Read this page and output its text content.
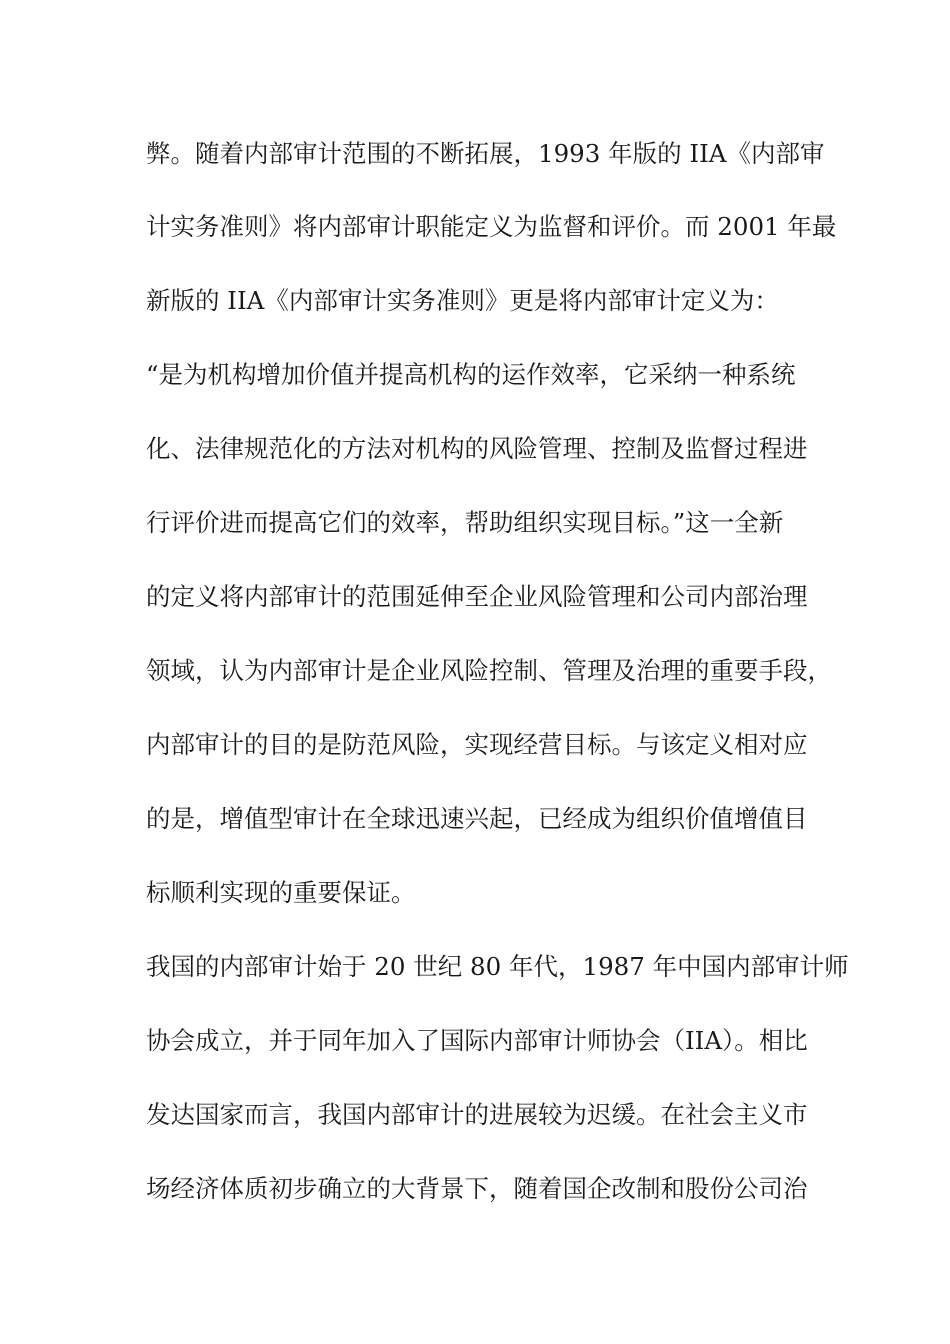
弊。随着内部审计范围的不断拓展，1993 年版的 IIA《内部审
计实务准则》将内部审计职能定义为监督和评价。而 2001 年最
新版的 IIA《内部审计实务准则》更是将内部审计定义为：
“是为机构增加价值并提高机构的运作效率，它采纳一种系统
化、法律规范化的方法对机构的风险管理、控制及监督过程进
行评价进而提高它们的效率，帮助组织实现目标。”这一全新
的定义将内部审计的范围延伸至企业风险管理和公司内部治理
领域，认为内部审计是企业风险控制、管理及治理的重要手段，
内部审计的目的是防范风险，实现经营目标。与该定义相对应
的是，增值型审计在全球迅速兴起，已经成为组织价值增值目
标顺利实现的重要保证。
我国的内部审计始于 20 世纪 80 年代，1987 年中国内部审计师
协会成立，并于同年加入了国际内部审计师协会（IIA）。相比
发达国家而言，我国内部审计的进展较为迟缓。在社会主义市
场经济体质初步确立的大背景下，随着国企改制和股份公司治
